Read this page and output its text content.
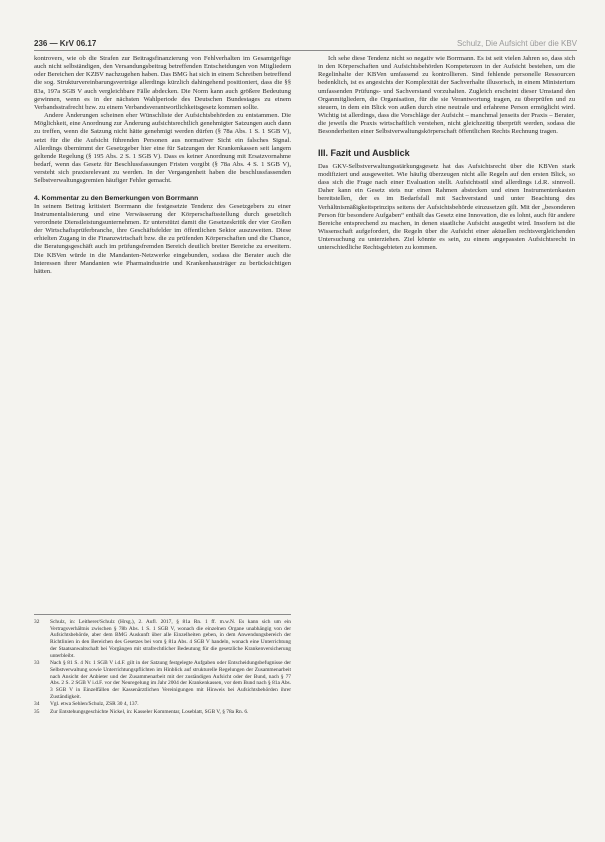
236 — KrV 06.17	Schulz, Die Aufsicht über die KBV

kontrovers, wie ob die Strafen zur Beitragsfinanzierung von Fehlverhalten im Gesamtgefüge auch nicht selbständigen, den Versandungsbeitrag betreffenden Entscheidungen von Mitgliedern oder Bereichen der KZBV nachzugehen haben. Das BMG hat sich in einem Schreiben betreffend die sog. Strukturvereinbarungsverträge allerdings kürzlich dahingehend positioniert, dass die §§ 83a, 197a SGB V auch vergleichbare Fälle abdecken. Die Norm kann auch größere Bedeutung gewinnen, wenn es in der nächsten Wahlperiode des Deutschen Bundestages zu einem Verbandsstrafrecht bzw. zu einem Verbandsverantwortlichkeitsgesetz kommen sollte.

Andere Änderungen scheinen eher Wünschliste der Aufsichtsbehörden zu entstammen. Die Möglichkeit, eine Anordnung zur Änderung aufsichtsrechtlich genehmigter Satzungen auch dann zu treffen, wenn die Satzung nicht hätte genehmigt werden dürfen (§ 78a Abs. 1 S. 1 SGB V), setzt für die die Aufsicht führenden Personen aus normativer Sicht ein falsches Signal. Allerdings übernimmt der Gesetzgeber hier eine für Satzungen der Krankenkassen seit langem geltende Regelung (§ 195 Abs. 2 S. 1 SGB V). Dass es keiner Anordnung mit Ersatzvornahme bedarf, wenn das Gesetz für Beschlussfassungen Fristen vorgibt (§ 78a Abs. 4 S. 1 SGB V), versteht sich praxisrelevant zu werden. In der Vergangenheit haben die beschlussfassenden Selbstverwaltungsgremien häufiger Fehler gemacht.

4. Kommentar zu den Bemerkungen von Borrmann

In seinem Beitrag kritisiert Borrmann die festgesetzte Tendenz des Gesetzgebers zu einer Instrumentalisierung und eine Verwässerung der Körperschaftsstellung durch gesetzlich verordnete Dienstleistungsunternehmen. Er unterstützt damit die Gesetzeskritik der vier Großen der Wirtschaftsprüferbranche, ihre Geschäftsfelder im öffentlichen Sektor auszuweiten. Diese erhielten Zugang in die Finanzwirtschaft bzw. die zu prüfenden Körperschaften und die Chance, die Beratungsgeschäft auch im prüfungsfremden Bereich deutlich breiter Bereiche zu erweitern. Die KBVen würde in die Mandanten-Netzwerke eingebunden, sodass die Berater auch die Interessen ihrer Mandanten wie Pharmaindustrie und Krankenhausträger zu berücksichtigen hätten.

Ich sehe diese Tendenz nicht so negativ wie Borrmann. Es ist seit vielen Jahren so, dass sich in den Körperschaften und Aufsichtsbehörden Kompetenzen in der Aufsicht bestehen, um die Regelinhalte der KBVen umfassend zu kontrollieren. Sind fehlende personelle Ressourcen bedenklich, ist es angesichts der Komplexität der Sachverhalte illusorisch, in einem Ministerium umfassenden Prüfungs- und Sachverstand vorzuhalten. Zugleich erscheint dieser Umstand den Organmitgliedern, die Organisation, für die sie Verantwortung tragen, zu überprüfen und zu steuern, in dem ein Blick von außen durch eine neutrale und erfahrene Person ermöglicht wird. Wichtig ist allerdings, dass die Vorschläge der Aufsicht – manchmal jenseits der Praxis – Berater, die jeweils die Praxis wirtschaftlich verstehen, nicht gleichzeitig überprüft werden, sodass die Besonderheiten einer Selbstverwaltungskörperschaft öffentlichen Rechts Rechnung tragen.

III. Fazit und Ausblick

Das GKV-Selbstverwaltungsstärkungsgesetz hat das Aufsichtsrecht über die KBVen stark modifiziert und ausgeweitet. Wie häufig überzeugen nicht alle Regeln auf den ersten Blick, so dass sich die Frage nach einer Evaluation stellt. Aufsichtsstil sind allerdings i.d.R. sinnvoll. Daher kann ein Gesetz stets nur einen Rahmen abstecken und einen Instrumentenkasten bereitstellen, der es im Bedarfsfall mit Sachverstand und unter Beachtung des Verhältnismäßigkeitsprinzips seitens der Aufsichtsbehörde einzusetzen gilt. Mit der „besonderen Person für besondere Aufgaben“ enthält das Gesetz eine Innovation, die es lohnt, auch für andere Bereiche entsprechend zu machen, in denen staatliche Aufsicht ausgeübt wird. Insofern ist die Wissenschaft aufgefordert, die Regeln über die Aufsicht einer aktuellen rechtsvergleichenden Untersuchung zu unterziehen. Ziel könnte es sein, zu einem angepassten Aufsichtsrecht in unterschiedliche Rechtsgebieten zu kommen.

32	Schulz, in: Leitherer/Schulz (Hrsg.), 2. Aufl. 2017, § 81a Rn. 1 ff. m.w.N. Es kann sich um ein Vertragsverhältnis zwischen § 78b Abs. 1 S. 1 SGB V, wonach die einzelnen Organe unabhängig von der Aufsichtsbehörde, aber dem BMG Auskunft über alle Einzelheiten geben, in dem Anwendungsbereich der Richtlinien in den Bereichen des Gesetzes bei vom § 81a Abs. 4 SGB V handeln, wonach eine Unterrichtung der Staatsanwaltschaft bei Vorgängen mit strafrechtlicher Bedeutung für die gesetzliche Krankenversicherung unterbleibt.
33	Nach § 81 S. 4 Nr. 1 SGB V i.d.F. gilt in der Satzung festgelegte Aufgaben oder Entscheidungsbefugnisse der Selbstverwaltung sowie Unterrichtungspflichten im Hinblick auf strukturelle Regelungen der Zusammenarbeit nach Ansicht der Anbieter und der Zusammenarbeit mit der zuständigen Aufsicht oder der Bund, nach § 77 Abs. 2 S. 2 SGB V i.d.F. vor der Neuregelung im Jahr 2004 der Krankenkassen, vor dem Bund nach § 81a Abs. 3 SGB V in Einzelfällen der Kassenärztlichen Vereinigungen mit Hinweis bei Aufsichtsbehörden ihrer Zuständigkeit.
34	Vgl. etwa Sehlen/Schulz, ZSR 30 4, 137.
35	Zur Entstehungsgeschichte Nickel, in: Kasseler Kommentar, Loseblatt, SGB V, § 78a Rn. 6.
